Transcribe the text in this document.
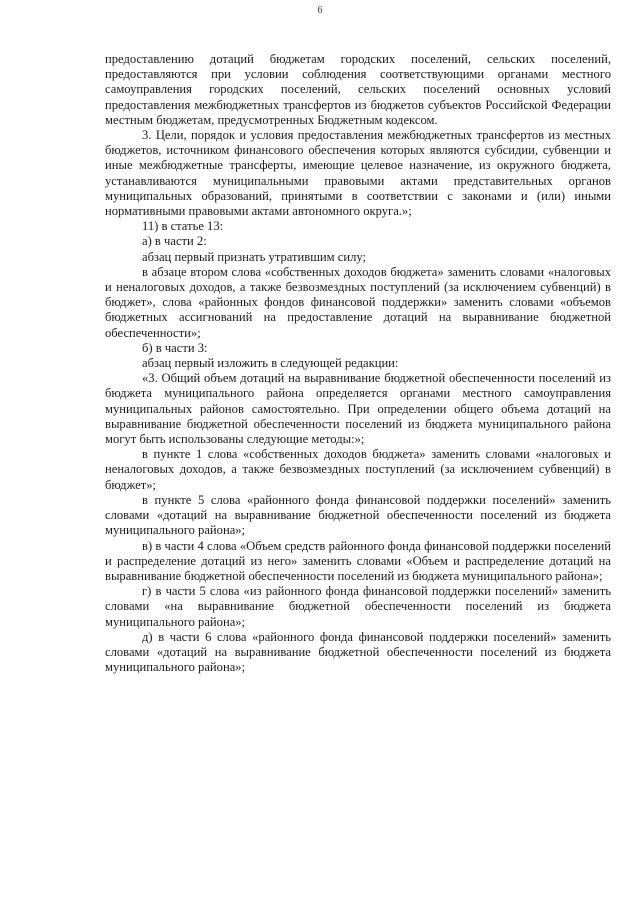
6

предоставлению дотаций бюджетам городских поселений, сельских поселений, предоставляются при условии соблюдения соответствующими органами местного самоуправления городских поселений, сельских поселений основных условий предоставления межбюджетных трансфертов из бюджетов субъектов Российской Федерации местным бюджетам, предусмотренных Бюджетным кодексом.

3. Цели, порядок и условия предоставления межбюджетных трансфертов из местных бюджетов, источником финансового обеспечения которых являются субсидии, субвенции и иные межбюджетные трансферты, имеющие целевое назначение, из окружного бюджета, устанавливаются муниципальными правовыми актами представительных органов муниципальных образований, принятыми в соответствии с законами и (или) иными нормативными правовыми актами автономного округа.»;

11) в статье 13:

а) в части 2:

абзац первый признать утратившим силу;

в абзаце втором слова «собственных доходов бюджета» заменить словами «налоговых и неналоговых доходов, а также безвозмездных поступлений (за исключением субвенций) в бюджет», слова «районных фондов финансовой поддержки» заменить словами «объемов бюджетных ассигнований на предоставление дотаций на выравнивание бюджетной обеспеченности»;

б) в части 3:

абзац первый изложить в следующей редакции:

«3. Общий объем дотаций на выравнивание бюджетной обеспеченности поселений из бюджета муниципального района определяется органами местного самоуправления муниципальных районов самостоятельно. При определении общего объема дотаций на выравнивание бюджетной обеспеченности поселений из бюджета муниципального района могут быть использованы следующие методы:»;

в пункте 1 слова «собственных доходов бюджета» заменить словами «налоговых и неналоговых доходов, а также безвозмездных поступлений (за исключением субвенций) в бюджет»;

в пункте 5 слова «районного фонда финансовой поддержки поселений» заменить словами «дотаций на выравнивание бюджетной обеспеченности поселений из бюджета муниципального района»;

в) в части 4 слова «Объем средств районного фонда финансовой поддержки поселений и распределение дотаций из него» заменить словами «Объем и распределение дотаций на выравнивание бюджетной обеспеченности поселений из бюджета муниципального района»;

г) в части 5 слова «из районного фонда финансовой поддержки поселений» заменить словами «на выравнивание бюджетной обеспеченности поселений из бюджета муниципального района»;

д) в части 6 слова «районного фонда финансовой поддержки поселений» заменить словами «дотаций на выравнивание бюджетной обеспеченности поселений из бюджета муниципального района»;
